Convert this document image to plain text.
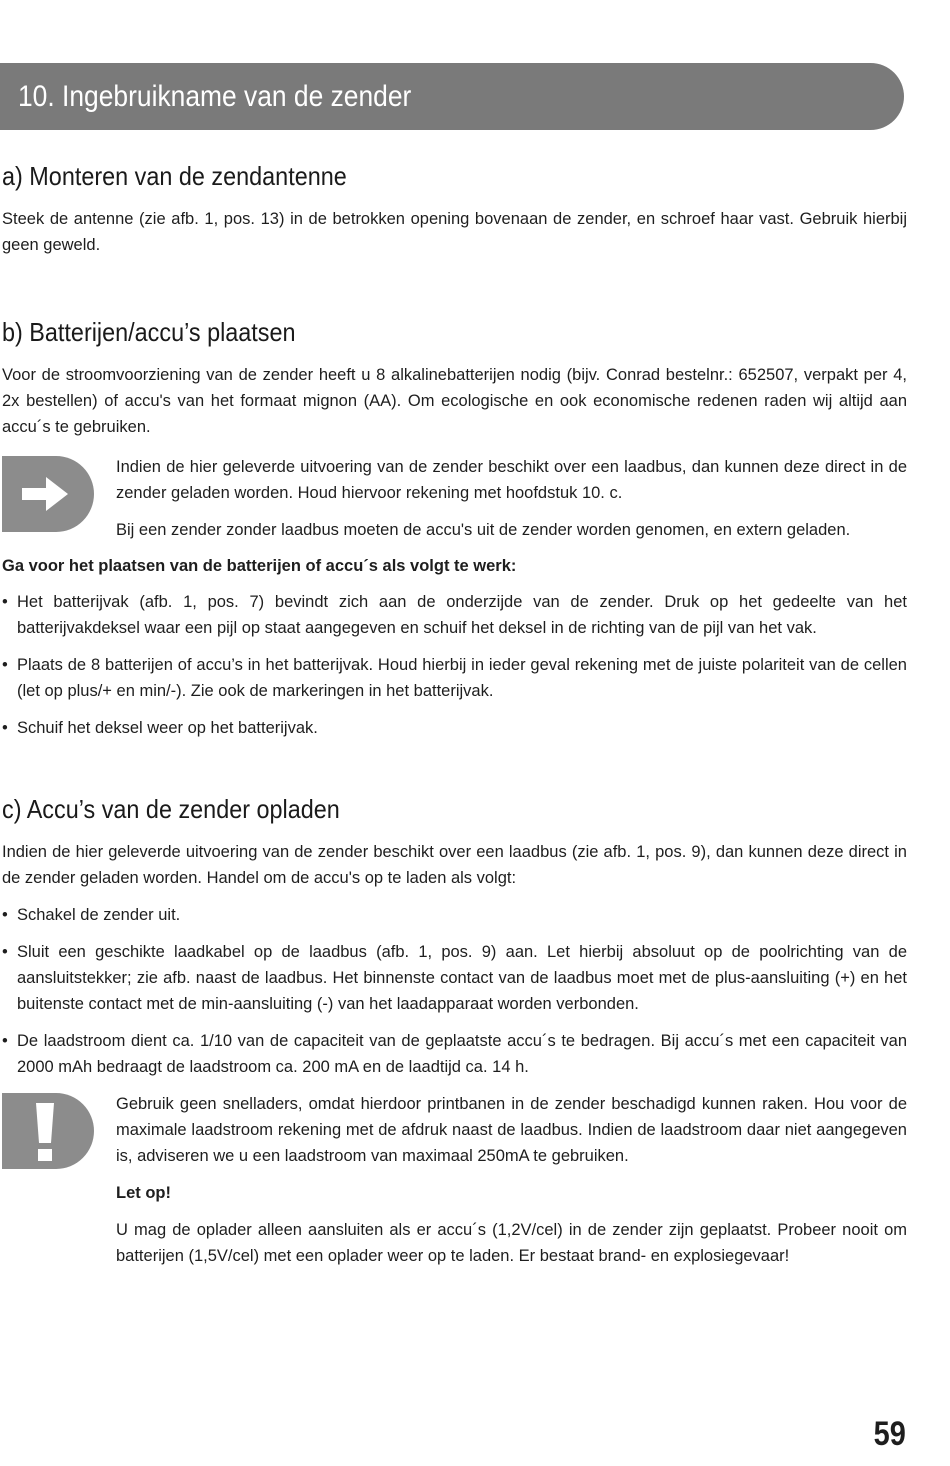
10. Ingebruikname van de zender
a) Monteren van de zendantenne

Steek de antenne (zie afb. 1, pos. 13) in de betrokken opening bovenaan de zender, en schroef haar vast. Gebruik hierbij geen geweld.

b) Batterijen/accu’s plaatsen

Voor de stroomvoorziening van de zender heeft u 8 alkalinebatterijen nodig (bijv. Conrad bestelnr.: 652507, verpakt per 4, 2x bestellen) of accu's van het formaat mignon (AA). Om ecologische en ook economische redenen raden wij altijd aan accu´s te gebruiken.

Indien de hier geleverde uitvoering van de zender beschikt over een laadbus, dan kunnen deze direct in de zender geladen worden. Houd hiervoor rekening met hoofdstuk 10. c.

Bij een zender zonder laadbus moeten de accu's uit de zender worden genomen, en extern geladen.

Ga voor het plaatsen van de batterijen of accu´s als volgt te werk:

• Het batterijvak (afb. 1, pos. 7) bevindt zich aan de onderzijde van de zender. Druk op het gedeelte van het batterijvakdeksel waar een pijl op staat aangegeven en schuif het deksel in de richting van de pijl van het vak.
• Plaats de 8 batterijen of accu’s in het batterijvak. Houd hierbij in ieder geval rekening met de juiste polariteit van de cellen (let op plus/+ en min/-). Zie ook de markeringen in het batterijvak.
• Schuif het deksel weer op het batterijvak.
c) Accu’s van de zender opladen

Indien de hier geleverde uitvoering van de zender beschikt over een laadbus (zie afb. 1, pos. 9), dan kunnen deze direct in de zender geladen worden. Handel om de accu's op te laden als volgt:

• Schakel de zender uit.
• Sluit een geschikte laadkabel op de laadbus (afb. 1, pos. 9) aan. Let hierbij absoluut op de poolrichting van de aansluitstekker; zie afb. naast de laadbus. Het binnenste contact van de laadbus moet met de plus-aansluiting (+) en het buitenste contact met de min-aansluiting (-) van het laadapparaat worden verbonden.
• De laadstroom dient ca. 1/10 van de capaciteit van de geplaatste accu´s te bedragen. Bij accu´s met een capaciteit van 2000 mAh bedraagt de laadstroom ca. 200 mA en de laadtijd ca. 14 h.

Gebruik geen snelladers, omdat hierdoor printbanen in de zender beschadigd kunnen raken. Hou voor de maximale laadstroom rekening met de afdruk naast de laadbus. Indien de laadstroom daar niet aangegeven is, adviseren we u een laadstroom van maximaal 250mA te gebruiken.

Let op!

U mag de oplader alleen aansluiten als er accu´s (1,2V/cel) in de zender zijn geplaatst. Probeer nooit om batterijen (1,5V/cel) met een oplader weer op te laden. Er bestaat brand- en explosiegevaar!

59
